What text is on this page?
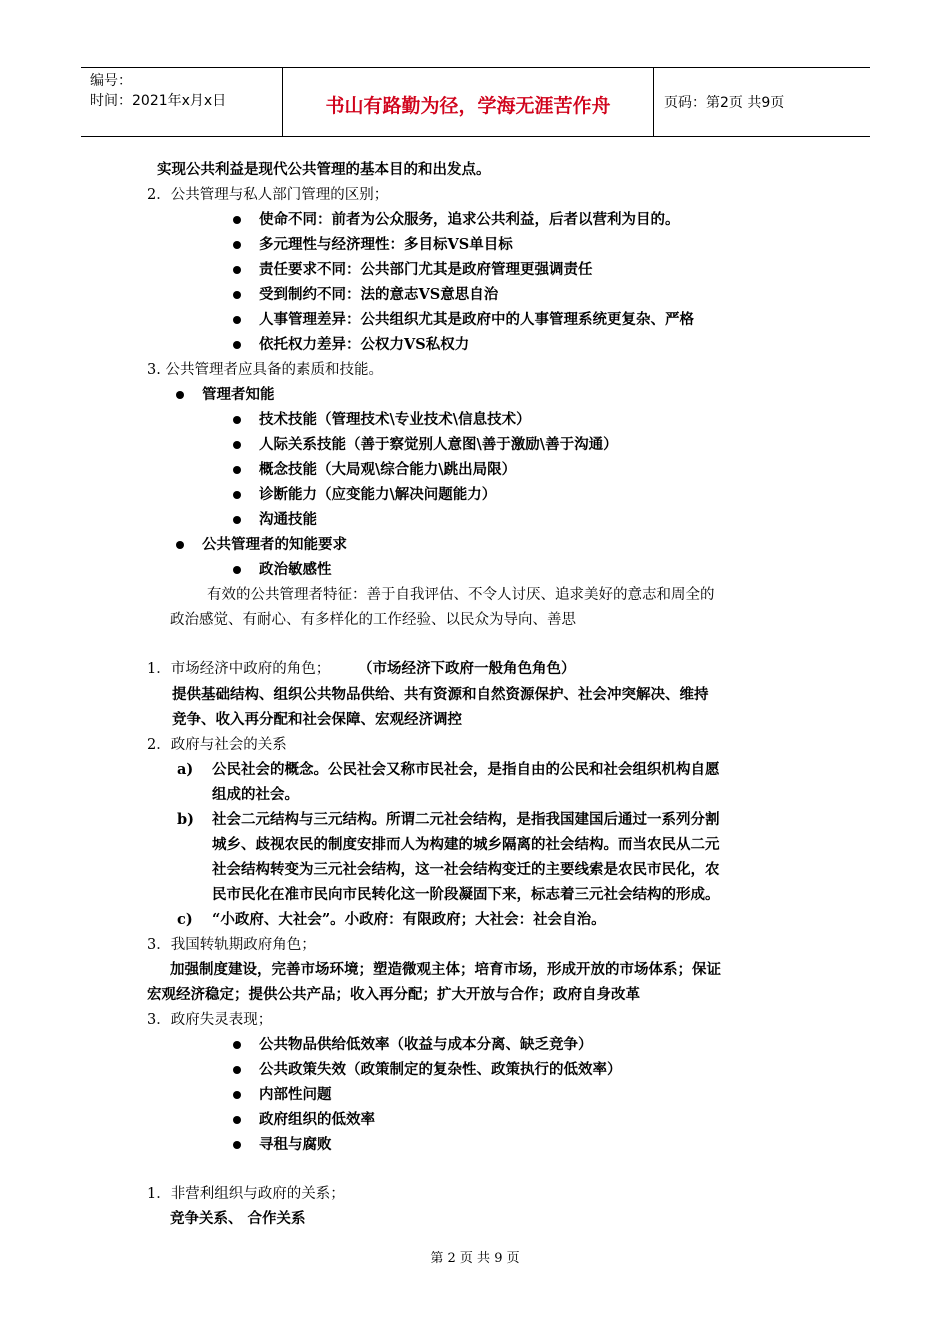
编号：
时间：2021年x月x日	书山有路勤为径，学海无涯苦作舟	页码：第2页 共9页
实现公共利益是现代公共管理的基本目的和出发点。
2．公共管理与私人部门管理的区别；
使命不同：前者为公众服务，追求公共利益，后者以营利为目的。
多元理性与经济理性：多目标VS单目标
责任要求不同：公共部门尤其是政府管理更强调责任
受到制约不同：法的意志VS意思自治
人事管理差异：公共组织尤其是政府中的人事管理系统更复杂、严格
依托权力差异：公权力VS私权力
3. 公共管理者应具备的素质和技能。
管理者知能
技术技能（管理技术\专业技术\信息技术）
人际关系技能（善于察觉别人意图\善于激励\善于沟通）
概念技能（大局观\综合能力\跳出局限）
诊断能力（应变能力\解决问题能力）
沟通技能
公共管理者的知能要求
政治敏感性
有效的公共管理者特征：善于自我评估、不令人讨厌、追求美好的意志和周全的
政治感觉、有耐心、有多样化的工作经验、以民众为导向、善思
1．市场经济中政府的角色； （市场经济下政府一般角色角色）
提供基础结构、组织公共物品供给、共有资源和自然资源保护、社会冲突解决、维持
竞争、收入再分配和社会保障、宏观经济调控
2．政府与社会的关系
a) 公民社会的概念。公民社会又称市民社会，是指自由的公民和社会组织机构自愿
组成的社会。
b) 社会二元结构与三元结构。所谓二元社会结构，是指我国建国后通过一系列分割
城乡、歧视农民的制度安排而人为构建的城乡隔离的社会结构。而当农民从二元
社会结构转变为三元社会结构，这一社会结构变迁的主要线索是农民市民化，农
民市民化在准市民向市民转化这一阶段凝固下来，标志着三元社会结构的形成。
c) “小政府、大社会”。小政府：有限政府；大社会：社会自治。
3．我国转轨期政府角色；
加强制度建设，完善市场环境；塑造微观主体；培育市场，形成开放的市场体系；保证
宏观经济稳定；提供公共产品；收入再分配；扩大开放与合作；政府自身改革
3．政府失灵表现；
公共物品供给低效率（收益与成本分离、缺乏竞争）
公共政策失效（政策制定的复杂性、政策执行的低效率）
内部性问题
政府组织的低效率
寻租与腐败
1．非营利组织与政府的关系；
竞争关系、 合作关系
第 2 页 共 9 页
